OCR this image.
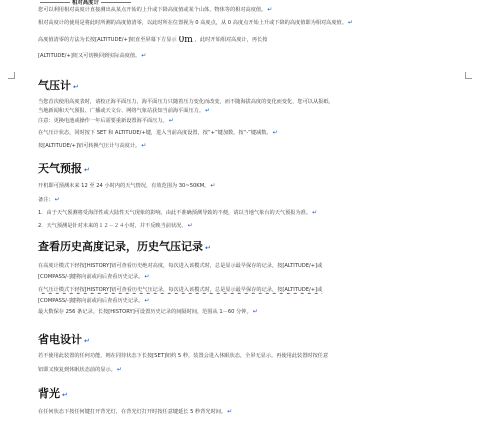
相对高度计
您可以利用相对高度计直接测出从某点开始的上升或下降高度值或某个山体，物体等的相对高度值。↵
相对高度计的使用是将此时所测的高度值清零，以此时所在位置视为 0 高度点，从 0 高度点开始上升或下降的高度值即为相对高度值。↵
高度值清零的方法为长按[ALTITUDE/+]钮直至屏幕下方显示 0m ，此时开始相对高度计，再长按
[ALTITUDE/+]钮又可切换回到实际高度值。↵
气压计 ↵
当您首次使用高度表时，请校正海平面压力，海平面压力只随着压力变化而改变，而不随海拔高度的变化而变化，您可以从报纸、
当地新闻和天气预报、广播或天文台、网络气象站获知当前海平面压力。↵
注意：更换电池或操作一年后需要重新设置海平面压力。↵
在气压计状态，同时按下 SET 和 ALTITUDE/+键，进入当前高度设置，按“+”键加数，按“-”键减数。↵
按[ALTITUDE/+]钮可转换气压计与高度计。↵
天气预报 ↵
开机即可预测未来 12 至 24 小时内的天气情况，有效范围为 30~50KM。↵
备注：↵
1．由于天气预测将受海洋性或大陆性天气现象的影响，由此不准确预测导致的不便，请以当地气象台的天气预报为准。↵
2．天气预测是针对未来的１２－２４小时，并不反映当前状况。↵
查看历史高度记录，历史气压记录 ↵
在高度计模式下轻按[HISTORY]钮可查看历史绝对高度，每次进入该模式时，总是显示最早保存的记录，按[ALTITUDE/+]或
[COMPASS/-]键将向前或向后查看历史记录。↵
在气压计模式下轻按[HISTORY]钮可查看历史气压记录，每次进入该模式时，总是显示最早保存的记录，按[ALTITUDE/+]或
[COMPASS/-]键将向前或向后查看历史记录。↵
最大数保存 256 条记录。长按[HISTORY]可设置历史记录的间隔时间，范围从 1－60 分钟。↵
省电设计 ↵
若不使用此装置的任何功能，则在同待状态下长按[SET]钮约 5 秒，装置会进入休眠状态，全屏无显示。再使用此装置时按任意
钮即又恢复到休眠状态前的显示。↵
背光 ↵
在任何状态下按任何键打开背光灯，在背光灯打开时按任意键延长 5 秒背光时间。↵
